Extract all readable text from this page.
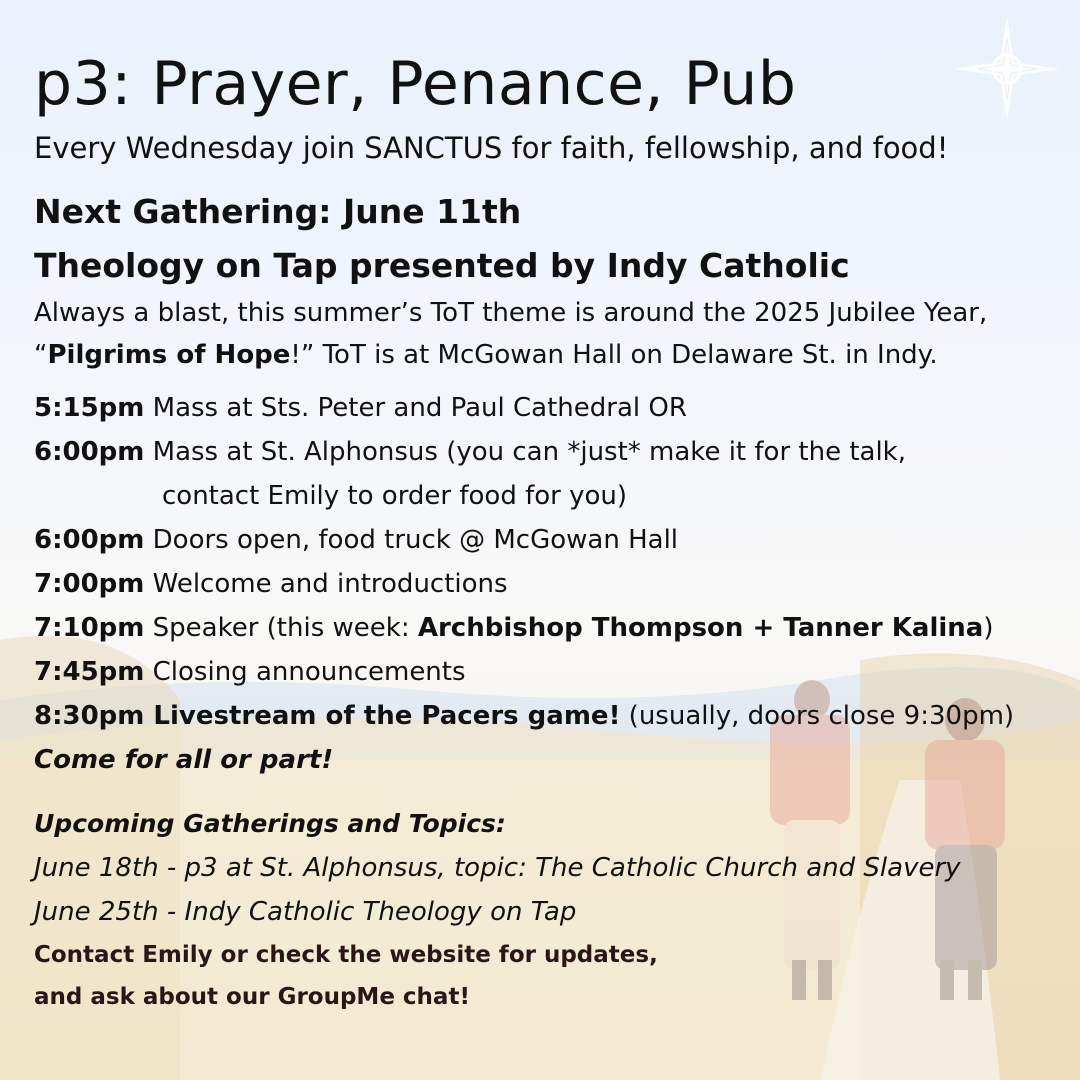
p3: Prayer, Penance, Pub
Every Wednesday join SANCTUS for faith, fellowship, and food!
Next Gathering: June 11th
Theology on Tap presented by Indy Catholic
Always a blast, this summer’s ToT theme is around the 2025 Jubilee Year, “Pilgrims of Hope!” ToT is at McGowan Hall on Delaware St. in Indy.
5:15pm Mass at Sts. Peter and Paul Cathedral OR
6:00pm Mass at St. Alphonsus (you can *just* make it for the talk,
contact Emily to order food for you)
6:00pm Doors open, food truck @ McGowan Hall
7:00pm Welcome and introductions
7:10pm Speaker (this week: Archbishop Thompson + Tanner Kalina)
7:45pm Closing announcements
8:30pm Livestream of the Pacers game! (usually, doors close 9:30pm)
Come for all or part!
Upcoming Gatherings and Topics:
June 18th - p3 at St. Alphonsus, topic: The Catholic Church and Slavery
June 25th - Indy Catholic Theology on Tap
Contact Emily or check the website for updates,
and ask about our GroupMe chat!
